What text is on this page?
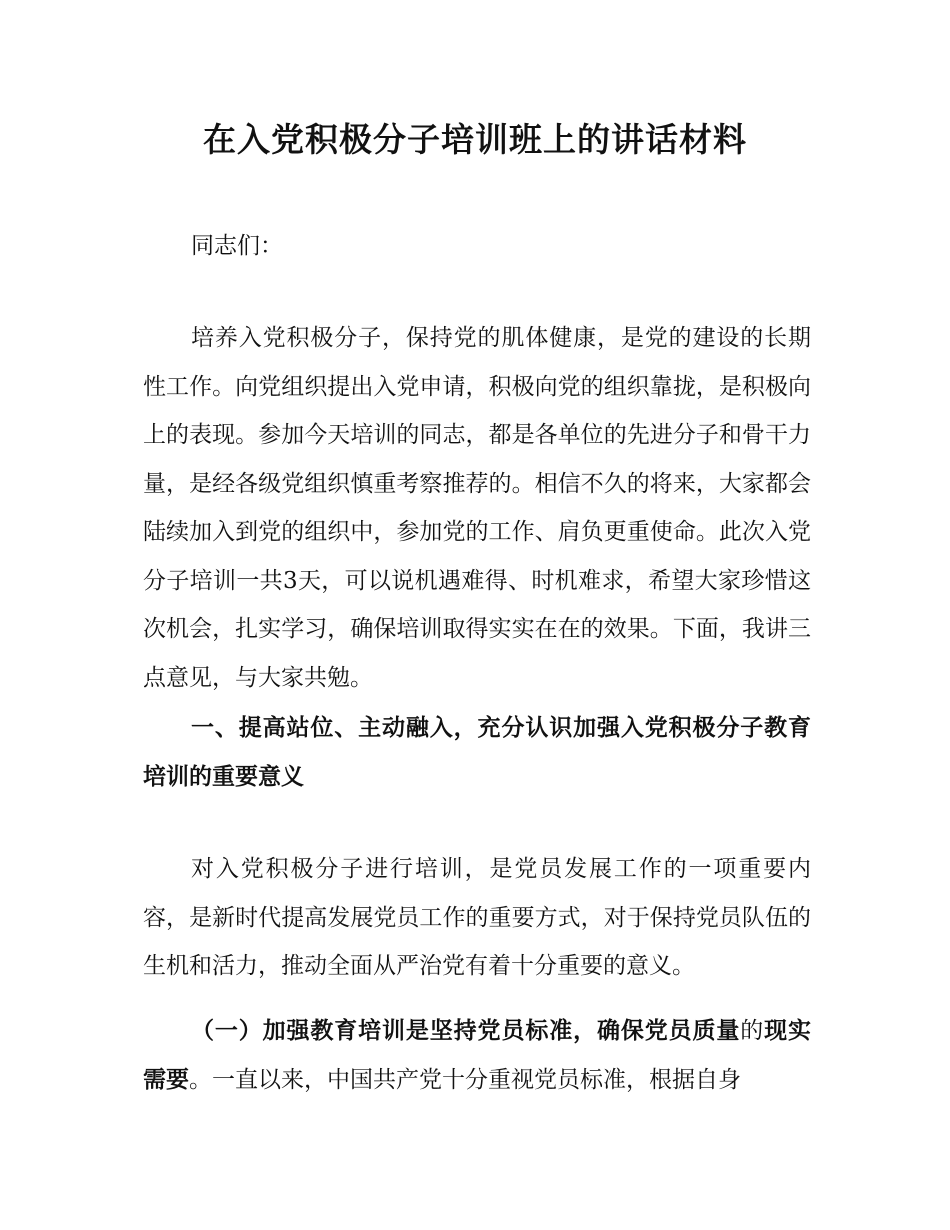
在入党积极分子培训班上的讲话材料

同志们：

培养入党积极分子，保持党的肌体健康，是党的建设的长期性工作。向党组织提出入党申请，积极向党的组织靠拢，是积极向上的表现。参加今天培训的同志，都是各单位的先进分子和骨干力量，是经各级党组织慎重考察推荐的。相信不久的将来，大家都会陆续加入到党的组织中，参加党的工作、肩负更重使命。此次入党分子培训一共3天，可以说机遇难得、时机难求，希望大家珍惜这次机会，扎实学习，确保培训取得实实在在的效果。下面，我讲三点意见，与大家共勉。

一、提高站位、主动融入，充分认识加强入党积极分子教育培训的重要意义

对入党积极分子进行培训，是党员发展工作的一项重要内容，是新时代提高发展党员工作的重要方式，对于保持党员队伍的生机和活力，推动全面从严治党有着十分重要的意义。

（一）加强教育培训是坚持党员标准，确保党员质量的现实需要。一直以来，中国共产党十分重视党员标准，根据自身
